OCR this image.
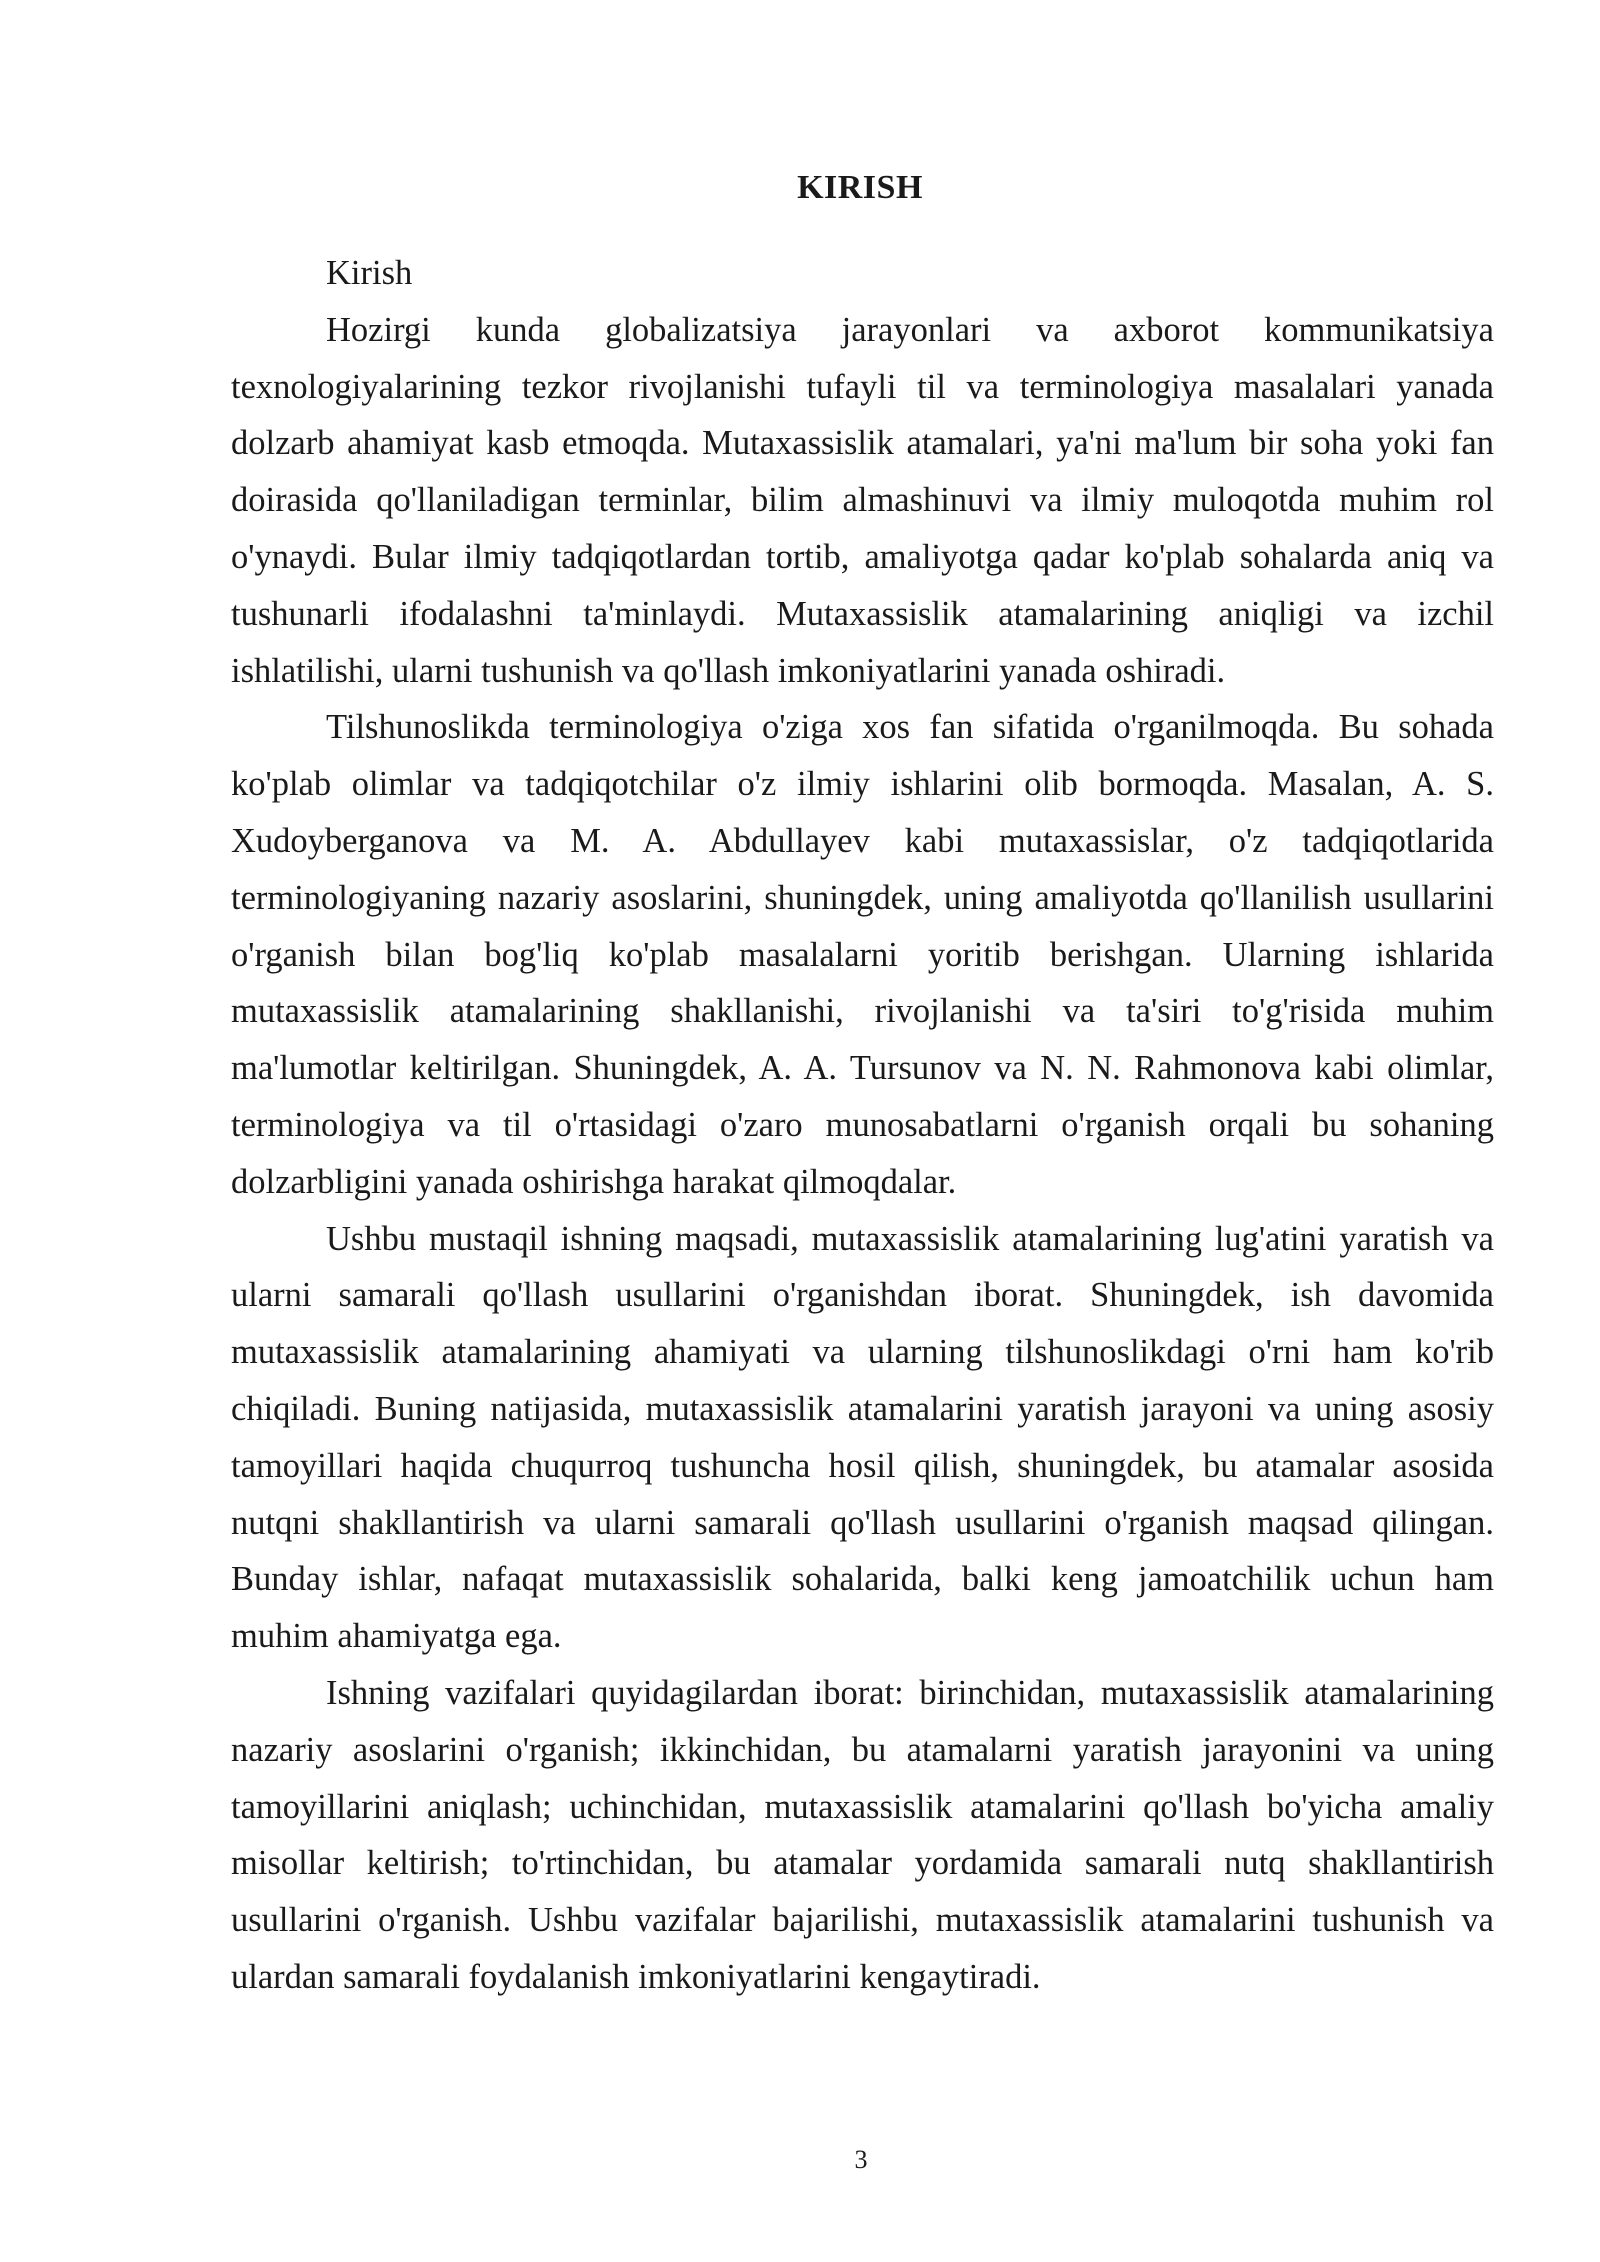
KIRISH

Kirish

Hozirgi kunda globalizatsiya jarayonlari va axborot kommunikatsiya texnologiyalarining tezkor rivojlanishi tufayli til va terminologiya masalalari yanada dolzarb ahamiyat kasb etmoqda. Mutaxassislik atamalari, ya'ni ma'lum bir soha yoki fan doirasida qo'llaniladigan terminlar, bilim almashinuvi va ilmiy muloqotda muhim rol o'ynaydi. Bular ilmiy tadqiqotlardan tortib, amaliyotga qadar ko'plab sohalarda aniq va tushunarli ifodalashni ta'minlaydi. Mutaxassislik atamalarining aniqligi va izchil ishlatilishi, ularni tushunish va qo'llash imkoniyatlarini yanada oshiradi.

Tilshunoslikda terminologiya o'ziga xos fan sifatida o'rganilmoqda. Bu sohada ko'plab olimlar va tadqiqotchilar o'z ilmiy ishlarini olib bormoqda. Masalan, A. S. Xudoyberganova va M. A. Abdullayev kabi mutaxassislar, o'z tadqiqotlarida terminologiyaning nazariy asoslarini, shuningdek, uning amaliyotda qo'llanilish usullarini o'rganish bilan bog'liq ko'plab masalalarni yoritib berishgan. Ularning ishlarida mutaxassislik atamalarining shakllanishi, rivojlanishi va ta'siri to'g'risida muhim ma'lumotlar keltirilgan. Shuningdek, A. A. Tursunov va N. N. Rahmonova kabi olimlar, terminologiya va til o'rtasidagi o'zaro munosabatlarni o'rganish orqali bu sohaning dolzarbligini yanada oshirishga harakat qilmoqdalar.

Ushbu mustaqil ishning maqsadi, mutaxassislik atamalarining lug'atini yaratish va ularni samarali qo'llash usullarini o'rganishdan iborat. Shuningdek, ish davomida mutaxassislik atamalarining ahamiyati va ularning tilshunoslikdagi o'rni ham ko'rib chiqiladi. Buning natijasida, mutaxassislik atamalarini yaratish jarayoni va uning asosiy tamoyillari haqida chuqurroq tushuncha hosil qilish, shuningdek, bu atamalar asosida nutqni shakllantirish va ularni samarali qo'llash usullarini o'rganish maqsad qilingan. Bunday ishlar, nafaqat mutaxassislik sohalarida, balki keng jamoatchilik uchun ham muhim ahamiyatga ega.

Ishning vazifalari quyidagilardan iborat: birinchidan, mutaxassislik atamalarining nazariy asoslarini o'rganish; ikkinchidan, bu atamalarni yaratish jarayonini va uning tamoyillarini aniqlash; uchinchidan, mutaxassislik atamalarini qo'llash bo'yicha amaliy misollar keltirish; to'rtinchidan, bu atamalar yordamida samarali nutq shakllantirish usullarini o'rganish. Ushbu vazifalar bajarilishi, mutaxassislik atamalarini tushunish va ulardan samarali foydalanish imkoniyatlarini kengaytiradi.

3
